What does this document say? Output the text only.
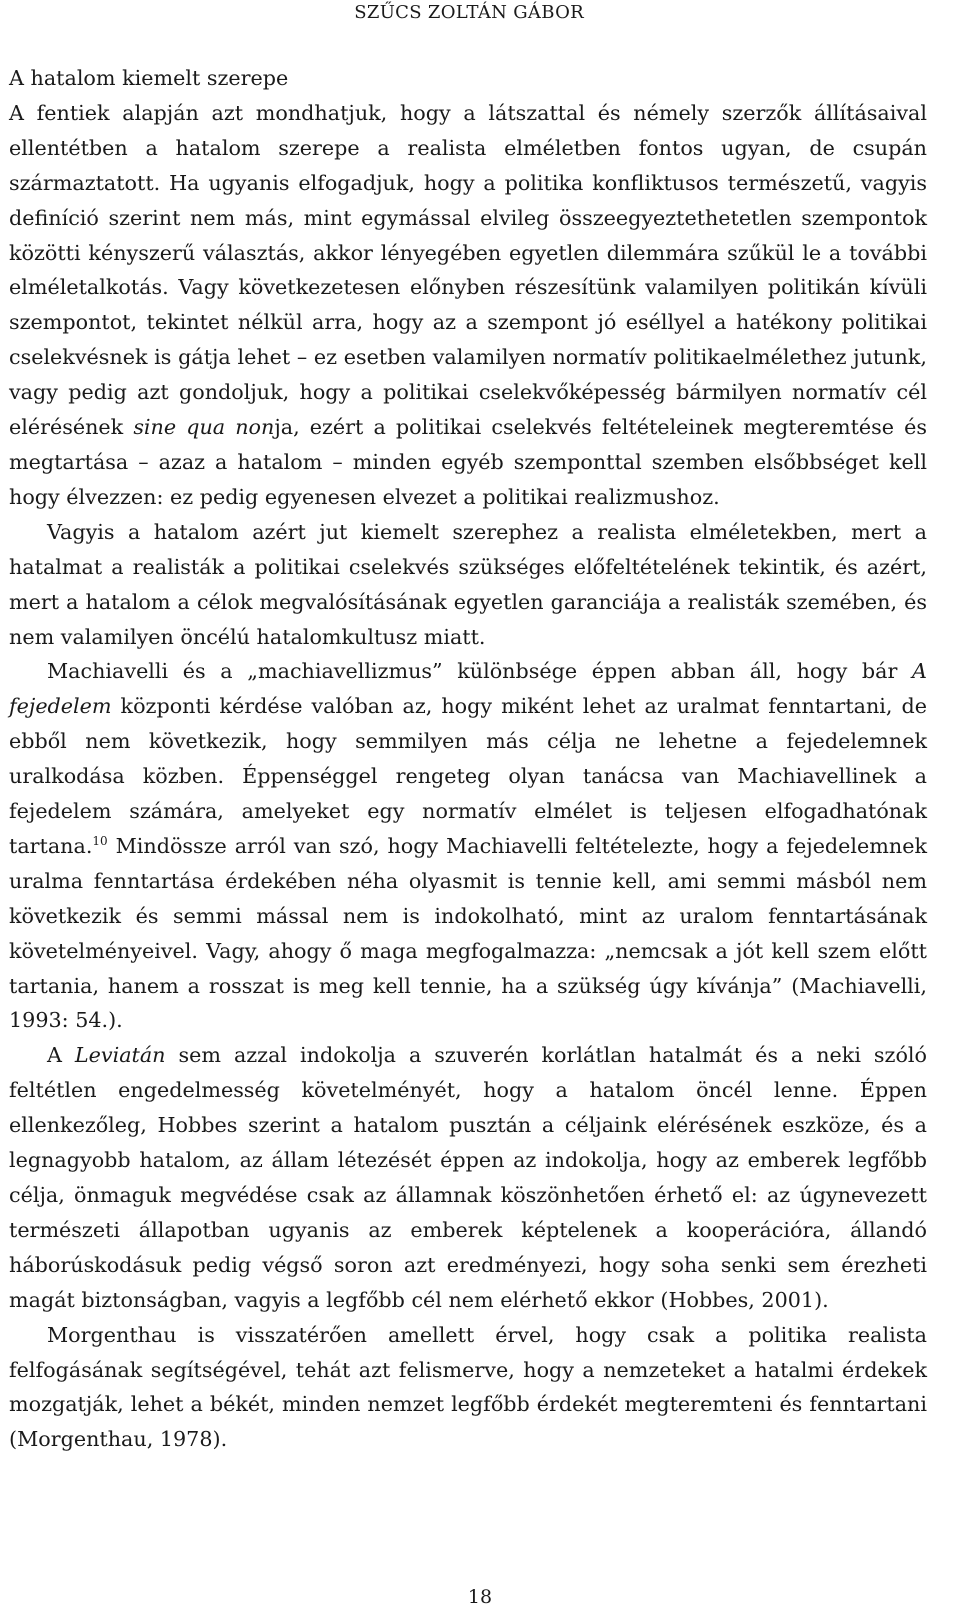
SZŰCS ZOLTÁN GÁBOR

A hatalom kiemelt szerepe

A fentiek alapján azt mondhatjuk, hogy a látszattal és némely szerzők állításaival ellentétben a hatalom szerepe a realista elméletben fontos ugyan, de csupán származtatott. Ha ugyanis elfogadjuk, hogy a politika konfliktusos természetű, vagyis definíció szerint nem más, mint egymással elvileg összeegyeztethetetlen szempontok közötti kényszerű választás, akkor lényegében egyetlen dilemmára szűkül le a további elméletalkotás. Vagy következetesen előnyben részesítünk valamilyen politikán kívüli szempontot, tekintet nélkül arra, hogy az a szempont jó eséllyel a hatékony politikai cselekvésnek is gátja lehet – ez esetben valamilyen normatív politikaelmélethez jutunk, vagy pedig azt gondoljuk, hogy a politikai cselekvőképesség bármilyen normatív cél elérésének sine qua nonja, ezért a politikai cselekvés feltételeinek megteremtése és megtartása – azaz a hatalom – minden egyéb szemponttal szemben elsőbbséget kell hogy élvezzen: ez pedig egyenesen elvezet a politikai realizmushoz.

Vagyis a hatalom azért jut kiemelt szerephez a realista elméletekben, mert a hatalmat a realisták a politikai cselekvés szükséges előfeltételének tekintik, és azért, mert a hatalom a célok megvalósításának egyetlen garanciája a realisták szemében, és nem valamilyen öncélú hatalomkultusz miatt.

Machiavelli és a „machiavellizmus” különbsége éppen abban áll, hogy bár A fejedelem központi kérdése valóban az, hogy miként lehet az uralmat fenntartani, de ebből nem következik, hogy semmilyen más célja ne lehetne a fejedelemnek uralkodása közben. Éppenséggel rengeteg olyan tanácsa van Machiavellinek a fejedelem számára, amelyeket egy normatív elmélet is teljesen elfogadhatónak tartana.$^{10}$ Mindössze arról van szó, hogy Machiavelli feltételezte, hogy a fejedelemnek uralma fenntartása érdekében néha olyasmit is tennie kell, ami semmi másból nem következik és semmi mással nem is indokolható, mint az uralom fenntartásának követelményeivel. Vagy, ahogy ő maga megfogalmazza: „nemcsak a jót kell szem előtt tartania, hanem a rosszat is meg kell tennie, ha a szükség úgy kívánja” (Machiavelli, 1993: 54.).

A Leviatán sem azzal indokolja a szuverén korlátlan hatalmát és a neki szóló feltétlen engedelmesség követelményét, hogy a hatalom öncél lenne. Éppen ellenkezőleg, Hobbes szerint a hatalom pusztán a céljaink elérésének eszköze, és a legnagyobb hatalom, az állam létezését éppen az indokolja, hogy az emberek legfőbb célja, önmaguk megvédése csak az államnak köszönhetően érhető el: az úgynevezett természeti állapotban ugyanis az emberek képtelenek a kooperációra, állandó háborúskodásuk pedig végső soron azt eredményezi, hogy soha senki sem érezheti magát biztonságban, vagyis a legfőbb cél nem elérhető ekkor (Hobbes, 2001).

Morgenthau is visszatérően amellett érvel, hogy csak a politika realista felfogásának segítségével, tehát azt felismerve, hogy a nemzeteket a hatalmi érdekek mozgatják, lehet a békét, minden nemzet legfőbb érdekét megteremteni és fenntartani (Morgenthau, 1978).

18
